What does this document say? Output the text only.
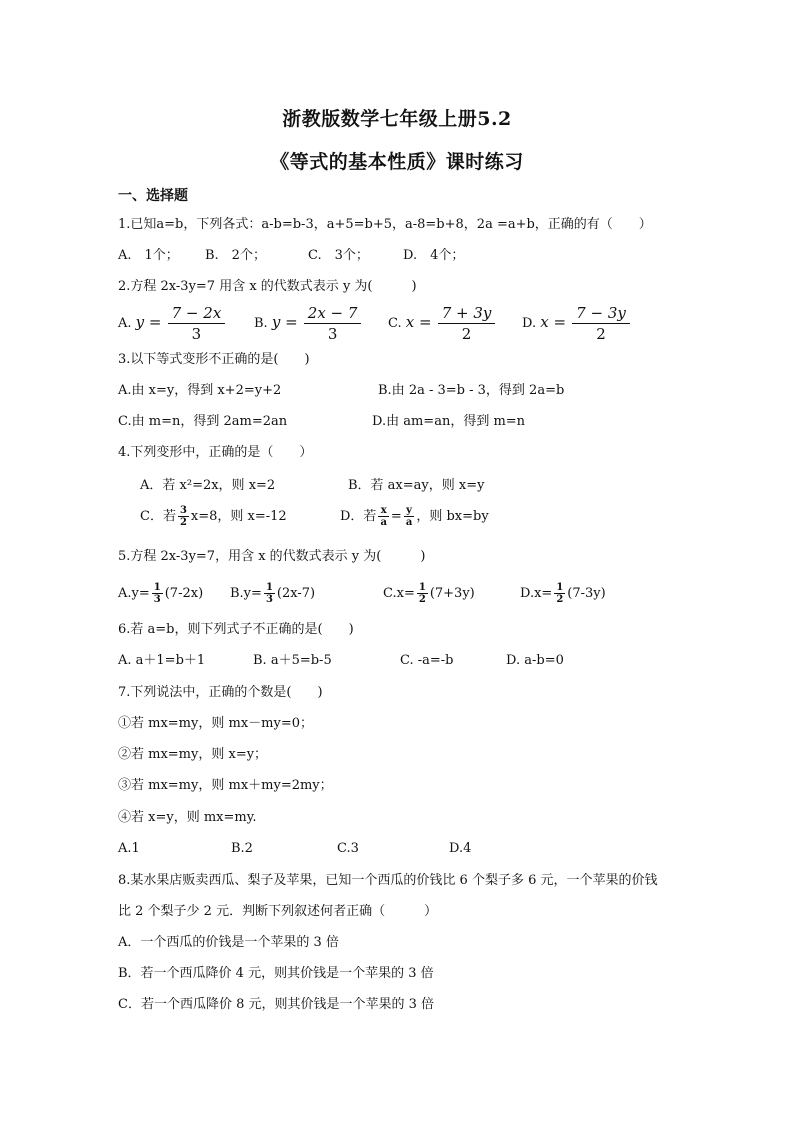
浙教版数学七年级上册5.2
《等式的基本性质》课时练习
一、选择题
1.已知a=b，下列各式：a-b=b-3，a+5=b+5，a-8=b+8，2a =a+b，正确的有（　　）
A.　1个； B.　2个；	C.　3个；	D.　4个；
2.方程 2x-3y=7 用含 x 的代数式表示 y 为(　　　)
A. $y = \frac{7 - 2x}{3} B$. $y = \frac{2x - 7}{3} C$. $x = \frac{7 + 3y}{2} D$. $x = \frac{7 - 3y}{2}$
3.以下等式变形不正确的是(　　)
A.由 x=y，得到 x+2=y+2	B.由 2a - 3=b - 3，得到 2a=b
C.由 m=n，得到 2am=2an	D.由 am=an，得到 m=n
4.下列变形中，正确的是（　　）
A．若 x²=2x，则 x=2	B．若 ax=ay，则 x=y
C．若 $\frac{3}{2} x=8$，则 x=-12	D．若 $\frac{x}{a} = \frac{y}{a}$ ，则 bx=by
5.方程 2x-3y=7，用含 x 的代数式表示 y 为(　　　)
$A.y= \frac{1}{3} (7-2x)$ $B.y= \frac{1}{3} (2x-7)$	$C.x= \frac{1}{2} (7+3y)$	$D.x= \frac{1}{2} (7-3y)$
6.若 a=b，则下列式子不正确的是(　　)
A. a＋1=b＋1	B. a＋5=b-5	C. -a=-b	D. a-b=0
7.下列说法中，正确的个数是(　　)
①若 mx=my，则 mx－my=0；
②若 mx=my，则 x=y；
③若 mx=my，则 mx＋my=2my；
④若 x=y，则 mx=my.
A.1	B.2	C.3	D.4
8.某水果店贩卖西瓜、梨子及苹果，已知一个西瓜的价钱比 6 个梨子多 6 元，一个苹果的价钱
比 2 个梨子少 2 元．判断下列叙述何者正确（　　　）
A．一个西瓜的价钱是一个苹果的 3 倍
B．若一个西瓜降价 4 元，则其价钱是一个苹果的 3 倍
C．若一个西瓜降价 8 元，则其价钱是一个苹果的 3 倍
